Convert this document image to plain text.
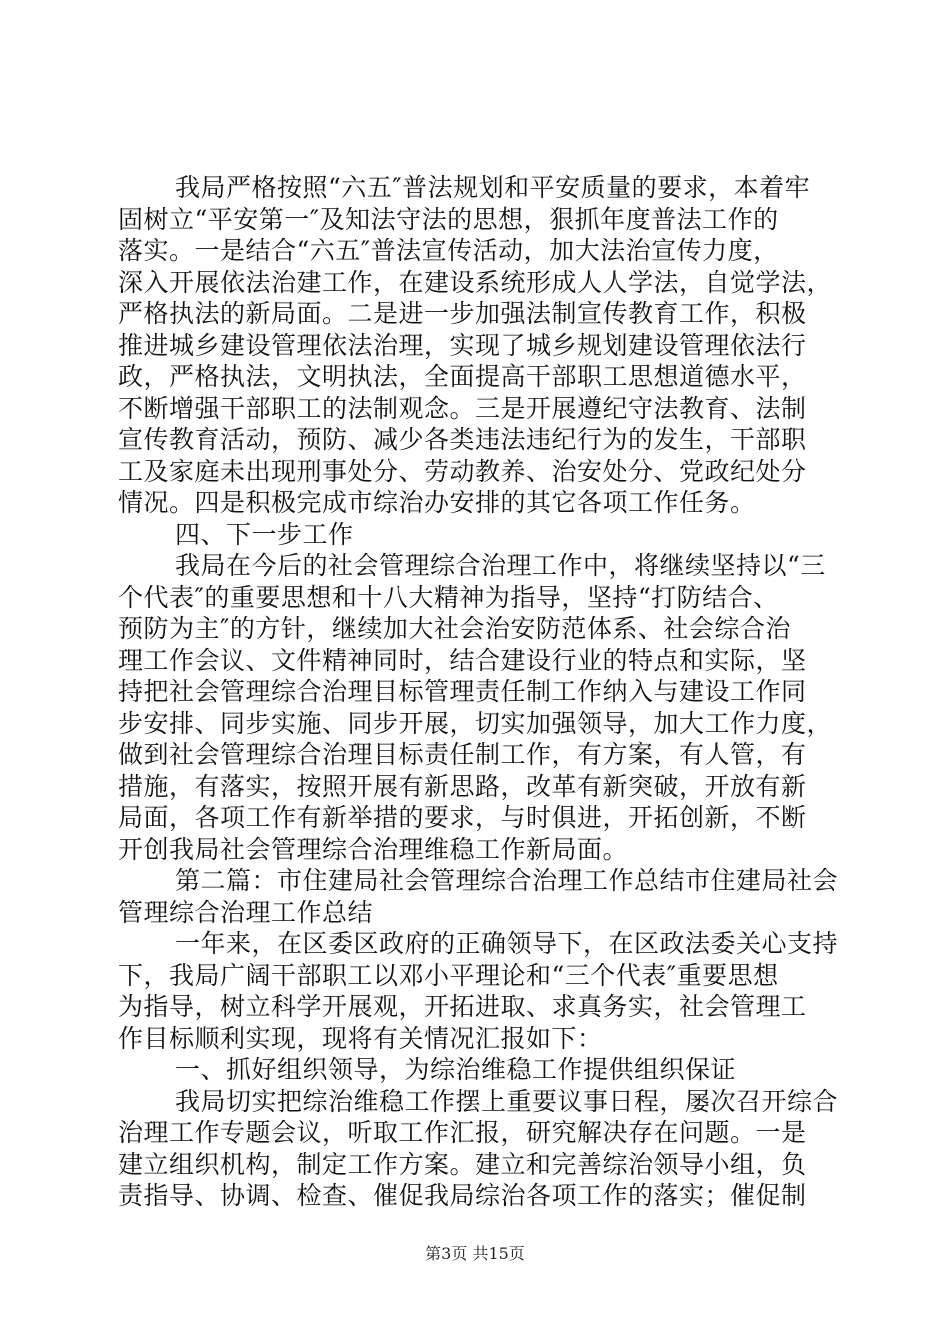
我局严格按照“六五″普法规划和平安质量的要求，本着牢
固树立“平安第一″及知法守法的思想，狠抓年度普法工作的
落实。一是结合“六五″普法宣传活动，加大法治宣传力度，
深入开展依法治建工作，在建设系统形成人人学法，自觉学法，
严格执法的新局面。二是进一步加强法制宣传教育工作，积极
推进城乡建设管理依法治理，实现了城乡规划建设管理依法行
政，严格执法，文明执法，全面提高干部职工思想道德水平，
不断增强干部职工的法制观念。三是开展遵纪守法教育、法制
宣传教育活动，预防、减少各类违法违纪行为的发生，干部职
工及家庭未出现刑事处分、劳动教养、治安处分、党政纪处分
情况。四是积极完成市综治办安排的其它各项工作任务。
四、下一步工作
我局在今后的社会管理综合治理工作中，将继续坚持以“三
个代表″的重要思想和十八大精神为指导，坚持“打防结合、
预防为主″的方针，继续加大社会治安防范体系、社会综合治
理工作会议、文件精神同时，结合建设行业的特点和实际，坚
持把社会管理综合治理目标管理责任制工作纳入与建设工作同
步安排、同步实施、同步开展，切实加强领导，加大工作力度，
做到社会管理综合治理目标责任制工作，有方案，有人管，有
措施，有落实，按照开展有新思路，改革有新突破，开放有新
局面，各项工作有新举措的要求，与时俱进，开拓创新，不断
开创我局社会管理综合治理维稳工作新局面。
第二篇：市住建局社会管理综合治理工作总结市住建局社会
管理综合治理工作总结
一年来，在区委区政府的正确领导下，在区政法委关心支持
下，我局广阔干部职工以邓小平理论和“三个代表″重要思想
为指导，树立科学开展观，开拓进取、求真务实，社会管理工
作目标顺利实现，现将有关情况汇报如下：
一、抓好组织领导，为综治维稳工作提供组织保证
我局切实把综治维稳工作摆上重要议事日程，屡次召开综合
治理工作专题会议，听取工作汇报，研究解决存在问题。一是
建立组织机构，制定工作方案。建立和完善综治领导小组，负
责指导、协调、检查、催促我局综治各项工作的落实；催促制
第3页 共15页
